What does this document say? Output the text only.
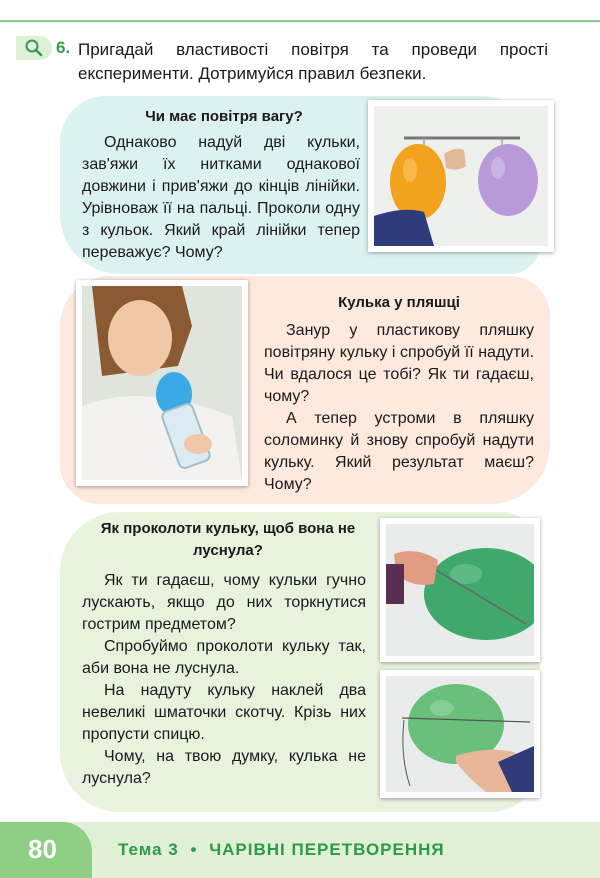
6. Пригадай властивості повітря та проведи прості експерименти. Дотримуйся правил безпеки.
Чи має повітря вагу?

Однаково надуй дві кульки, зав'яжи їх нитками однакової довжини і прив'яжи до кінців лінійки. Урівноваж її на пальці. Проколи одну з кульок. Який край лінійки тепер переважує? Чому?

Кулька у пляшці

Занур у пластикову пляшку повітряну кульку і спробуй її надути. Чи вдалося це тобі? Як ти гадаєш, чому?

А тепер устроми в пляшку соломинку й знову спробуй надути кульку. Який результат маєш? Чому?

Як проколоти кульку, щоб вона не луснула?

Як ти гадаєш, чому кульки гучно лускають, якщо до них торкнутися гострим предметом?

Спробуймо проколоти кульку так, аби вона не луснула.

На надуту кульку наклей два невеликі шматочки скотчу. Крізь них пропусти спицю.

Чому, на твою думку, кулька не луснула?

80	Тема 3 • ЧАРІВНІ ПЕРЕТВОРЕННЯ
